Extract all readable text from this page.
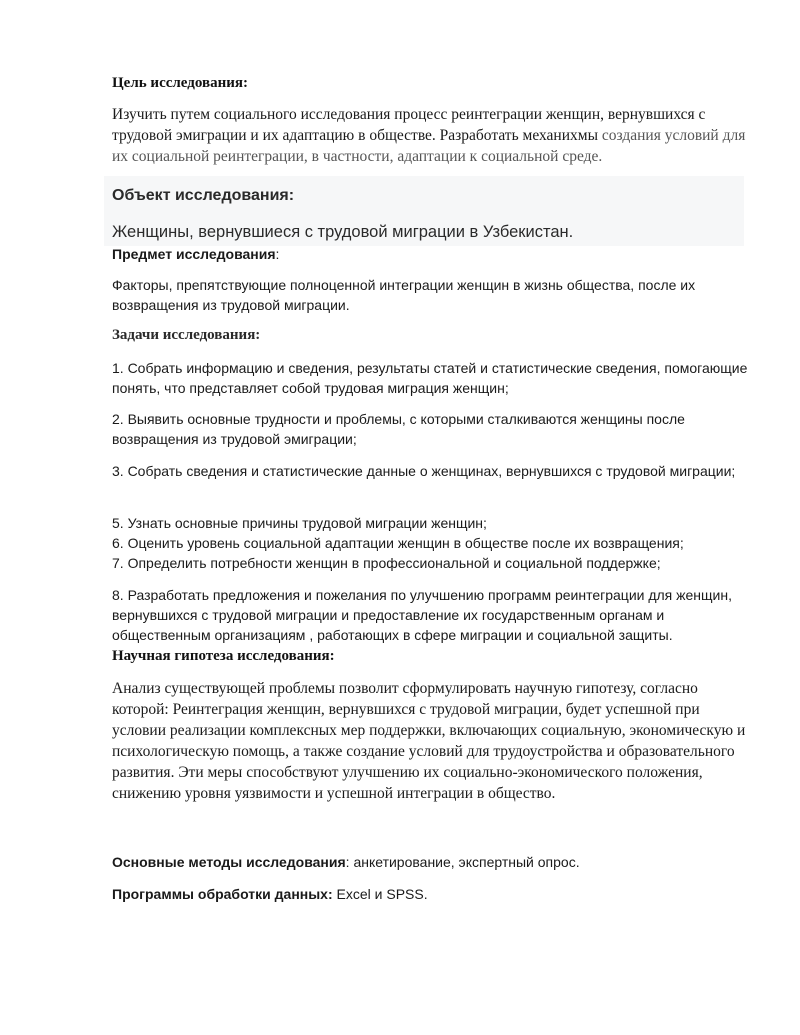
Цель исследования:

Изучить путем социального исследования процесс реинтеграции женщин, вернувшихся с трудовой эмиграции и их адаптацию в обществе. Разработать механихмы создания условий для их социальной реинтеграции, в частности, адаптации к социальной среде.

Объект исследования:

Женщины, вернувшиеся с трудовой миграции в Узбекистан.

Предмет исследования:

Факторы, препятствующие полноценной интеграции женщин в жизнь общества, после их возвращения из трудовой миграции.

Задачи исследования:

1. Собрать информацию и сведения, результаты статей и статистические сведения, помогающие понять, что представляет собой трудовая миграция женщин;

2. Выявить основные трудности и проблемы, с которыми сталкиваются женщины после возвращения из трудовой эмиграции;

3. Собрать сведения и статистические данные о женщинах, вернувшихся с трудовой миграции;

5. Узнать основные причины трудовой миграции женщин;

6. Оценить уровень социальной адаптации женщин в обществе после их возвращения;

7. Определить потребности женщин в профессиональной и социальной поддержке;

8. Разработать предложения и пожелания по улучшению программ реинтеграции для женщин, вернувшихся с трудовой миграции и предоставление их государственным органам и общественным организациям , работающих в сфере миграции и социальной защиты.

Научная гипотеза исследования:

Анализ существующей проблемы позволит сформулировать научную гипотезу, согласно которой: Реинтеграция женщин, вернувшихся с трудовой миграции, будет успешной при условии реализации комплексных мер поддержки, включающих социальную, экономическую и психологическую помощь, а также создание условий для трудоустройства и образовательного развития. Эти меры способствуют улучшению их социально-экономического положения, снижению уровня уязвимости и успешной интеграции в общество.

Основные методы исследования: анкетирование, экспертный опрос.

Программы обработки данных: Excel и SPSS.
